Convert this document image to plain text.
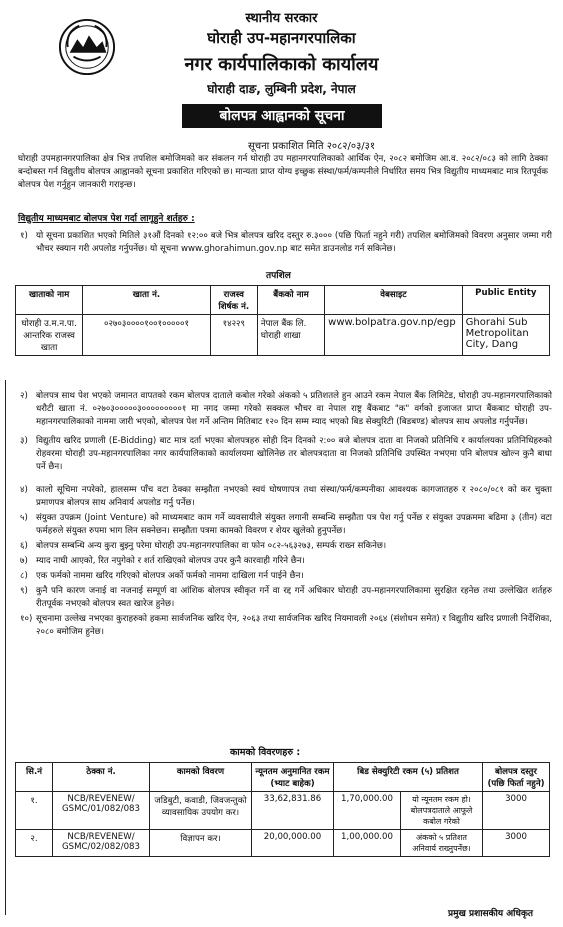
स्थानीय सरकार
घोराही उप-महानगरपालिका
नगर कार्यपालिकाको कार्यालय
घोराही दाङ, लुम्बिनी प्रदेश, नेपाल
बोलपत्र आह्वानको सूचना
सूचना प्रकाशित मिति २०८२/०३/३१
घोराही उपमहानगरपालिका क्षेत्र भित्र तपशिल बमोजिमको कर संकलन गर्न घोराही उप महानगरपालिकाको आर्थिक ऐन, २०८२ बमोजिम आ.व. २०८२/०८३ को लागि ठेक्का बन्दोबस्त गर्न विद्युतीय बोलपत्र आह्वानको सूचना प्रकाशित गरिएको छ। मान्यता प्राप्त योग्य इच्छुक संस्था/फर्म/कम्पनीले निर्धारित समय भित्र विद्युतीय माध्यमबाट मात्र रितपूर्वक बोलपत्र पेश गर्नुहुन जानकारी गराइन्छ।
विद्युतीय माध्यमबाट बोलपत्र पेश गर्दा लागूहुने शर्तहरु :
१) यो सूचना प्रकाशित भएको मितिले ३१औं दिनको १२:०० बजे भित्र बोलपत्र खरिद दस्तुर रु.३००० (पछि फिर्ता नहुने गरी) तपशिल बमोजिमको विवरण अनुसार जम्मा गरी भौचर स्क्यान गरी अपलोड गर्नुपर्नेछ। यो सूचना www.ghorahimun.gov.np बाट समेत डाउनलोड गर्न सकिनेछ।
तपशिल
खाताको नाम	खाता नं.	राजस्व शिर्षक नं.	बैंकको नाम	वेबसाइट	Public Entity
घोराही उ.म.न.पा. आन्तरिक राजस्व खाता	०२७०३००००१००१०००००१	१४२२९	नेपाल बैंक लि. घोराही शाखा	www.bolpatra.gov.np/egp	Ghorahi Sub Metropolitan City, Dang
२) बोलपत्र साथ पेश भएको जमानत वापतको रकम बोलपत्र दाताले कबोल गरेको अंकको ५ प्रतिशतले हुन आउने रकम नेपाल बैंक लिमिटेड, घोराही उप-महानगरपालिकाको धरौटी खाता नं. ०२७०३०००००३०००००००००१ मा नगद जम्मा गरेको सक्कल भौचर वा नेपाल राष्ट्र बैंकबाट "क" वर्गको इजाजत प्राप्त बैंकबाट घोराही उप-महानगरपालिकाको नाममा जारी भएको, बोलपत्र पेश गर्ने अन्तिम मितिबाट १२० दिन सम्म म्याद भएको बिड सेक्युरिटी (बिडबण्ड) बोलपत्र साथ अपलोड गर्नुपर्नेछ।
३) विद्युतीय खरिद प्रणाली (E-Bidding) बाट मात्र दर्ता भएका बोलपत्रहरु सोही दिन दिनको २:०० बजे बोलपत्र दाता वा निजको प्रतिनिधि र कार्यालयका प्रतिनिधिहरुको रोहवरमा घोराही उप-महानगरपालिका नगर कार्यपालिकाको कार्यालयमा खोलिनेछ तर बोलपत्रदाता वा निजको प्रतिनिधि उपस्थित नभएमा पनि बोलपत्र खोल्न कुनै बाधा पर्ने छैन।
४) कालो सूचिमा नपरेको, हालसम्म पाँच वटा ठेक्का सम्झौता नभएको स्वयं घोषणापत्र तथा संस्था/फर्म/कम्पनीका आवश्यक कागजातहरु र २०८०/०८१ को कर चुक्ता प्रमाणपत्र बोलपत्र साथ अनिवार्य अपलोड गर्नु पर्नेछ।
५) संयुक्त उपक्रम (Joint Venture) को माध्यमबाट काम गर्ने व्यवसायीले संयुक्त लगानी सम्बन्धि सम्झौता पत्र पेश गर्नु पर्नेछ र संयुक्त उपक्रममा बढिमा ३ (तीन) वटा फर्महरुले संयुक्त रुपमा भाग लिन सक्नेछन। सम्झौता पत्रमा कामको विवरण र शेयर खुलेको हुनुपर्नेछ।
६) बोलपत्र सम्बन्धि अन्य कुरा बुझ्नु परेमा घोराही उप-महानगरपालिका वा फोन ०८२-५६३२७३, सम्पर्क राख्न सकिनेछ।
७) म्याद नाघी आएको, रित नपुगेको र शर्त राखिएको बोलपत्र उपर कुनै कारवाही गरिने छैन।
८) एक फर्मको नाममा खरिद गरिएको बोलपत्र अर्को फर्मको नाममा दाखिला गर्न पाईने छैन।
९) कुनै पनि कारण जनाई वा नजनाई सम्पूर्ण वा आंशिक बोलपत्र स्वीकृत गर्ने वा रद्द गर्ने अधिकार घोराही उप-महानगरपालिकामा सुरक्षित रहनेछ तथा उल्लेखित शर्तहरु रीतपूर्वक नभएको बोलपत्र स्वत खारेज हुनेछ।
१०) सूचनामा उल्लेख नभएका कुराहरुको हकमा सार्वजनिक खरिद ऐन, २०६३ तथा सार्वजनिक खरिद नियमावली २०६४ (संशोधन समेत) र विद्युतीय खरिद प्रणाली निर्देशिका, २०८० बमोजिम हुनेछ।
कामको विवरणहरु :
सि.नं	ठेक्का नं.	कामको विवरण	न्यूनतम अनुमानित रकम (भ्याट बाहेक)	बिड सेक्युरिटी रकम (५) प्रतिशत		बोलपत्र दस्तुर (पछि फिर्ता नहुने)
१.	NCB/REVENEW/ GSMC/01/082/083	जडिबुटी, कवाडी, जिवजन्तुको व्यावसायिक उपयोग कर।	33,62,831.86	1,70,000.00	यो न्यूनतम रकम हो। बोलपत्रदाताले आफूले कबोल गरेको	3000
२.	NCB/REVENEW/ GSMC/02/082/083	विज्ञापन कर।	20,00,000.00	1,00,000.00	अंकको ५ प्रतिशत अनिवार्य राख्नुपर्नेछ।	3000
प्रमुख प्रशासकीय अधिकृत
